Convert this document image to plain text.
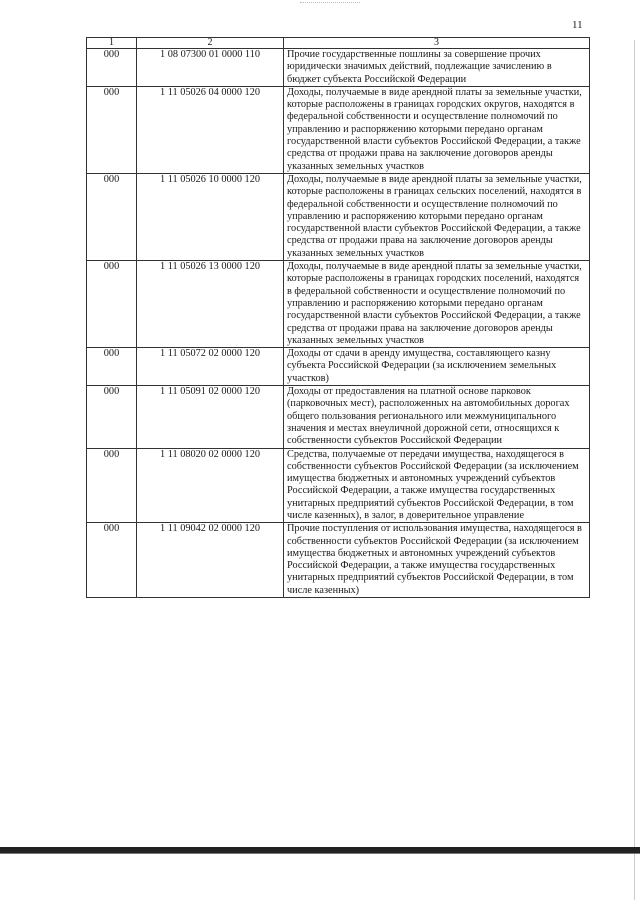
11
1	2	3
000	1 08 07300 01 0000 110	Прочие государственные пошлины за совершение прочих юридически значимых действий, подлежащие зачислению в бюджет субъекта Российской Федерации
000	1 11 05026 04 0000 120	Доходы, получаемые в виде арендной платы за земельные участки, которые расположены в границах городских округов, находятся в федеральной собственности и осуществление полномочий по управлению и распоряжению которыми передано органам государственной власти субъектов Российской Федерации, а также средства от продажи права на заключение договоров аренды указанных земельных участков
000	1 11 05026 10 0000 120	Доходы, получаемые в виде арендной платы за земельные участки, которые расположены в границах сельских поселений, находятся в федеральной собственности и осуществление полномочий по управлению и распоряжению которыми передано органам государственной власти субъектов Российской Федерации, а также средства от продажи права на заключение договоров аренды указанных земельных участков
000	1 11 05026 13 0000 120	Доходы, получаемые в виде арендной платы за земельные участки, которые расположены в границах городских поселений, находятся в федеральной собственности и осуществление полномочий по управлению и распоряжению которыми передано органам государственной власти субъектов Российской Федерации, а также средства от продажи права на заключение договоров аренды указанных земельных участков
000	1 11 05072 02 0000 120	Доходы от сдачи в аренду имущества, составляющего казну субъекта Российской Федерации (за исключением земельных участков)
000	1 11 05091 02 0000 120	Доходы от предоставления на платной основе парковок (парковочных мест), расположенных на автомобильных дорогах общего пользования регионального или межмуниципального значения и местах внеуличной дорожной сети, относящихся к собственности субъектов Российской Федерации
000	1 11 08020 02 0000 120	Средства, получаемые от передачи имущества, находящегося в собственности субъектов Российской Федерации (за исключением имущества бюджетных и автономных учреждений субъектов Российской Федерации, а также имущества государственных унитарных предприятий субъектов Российской Федерации, в том числе казенных), в залог, в доверительное управление
000	1 11 09042 02 0000 120	Прочие поступления от использования имущества, находящегося в собственности субъектов Российской Федерации (за исключением имущества бюджетных и автономных учреждений субъектов Российской Федерации, а также имущества государственных унитарных предприятий субъектов Российской Федерации, в том числе казенных)
